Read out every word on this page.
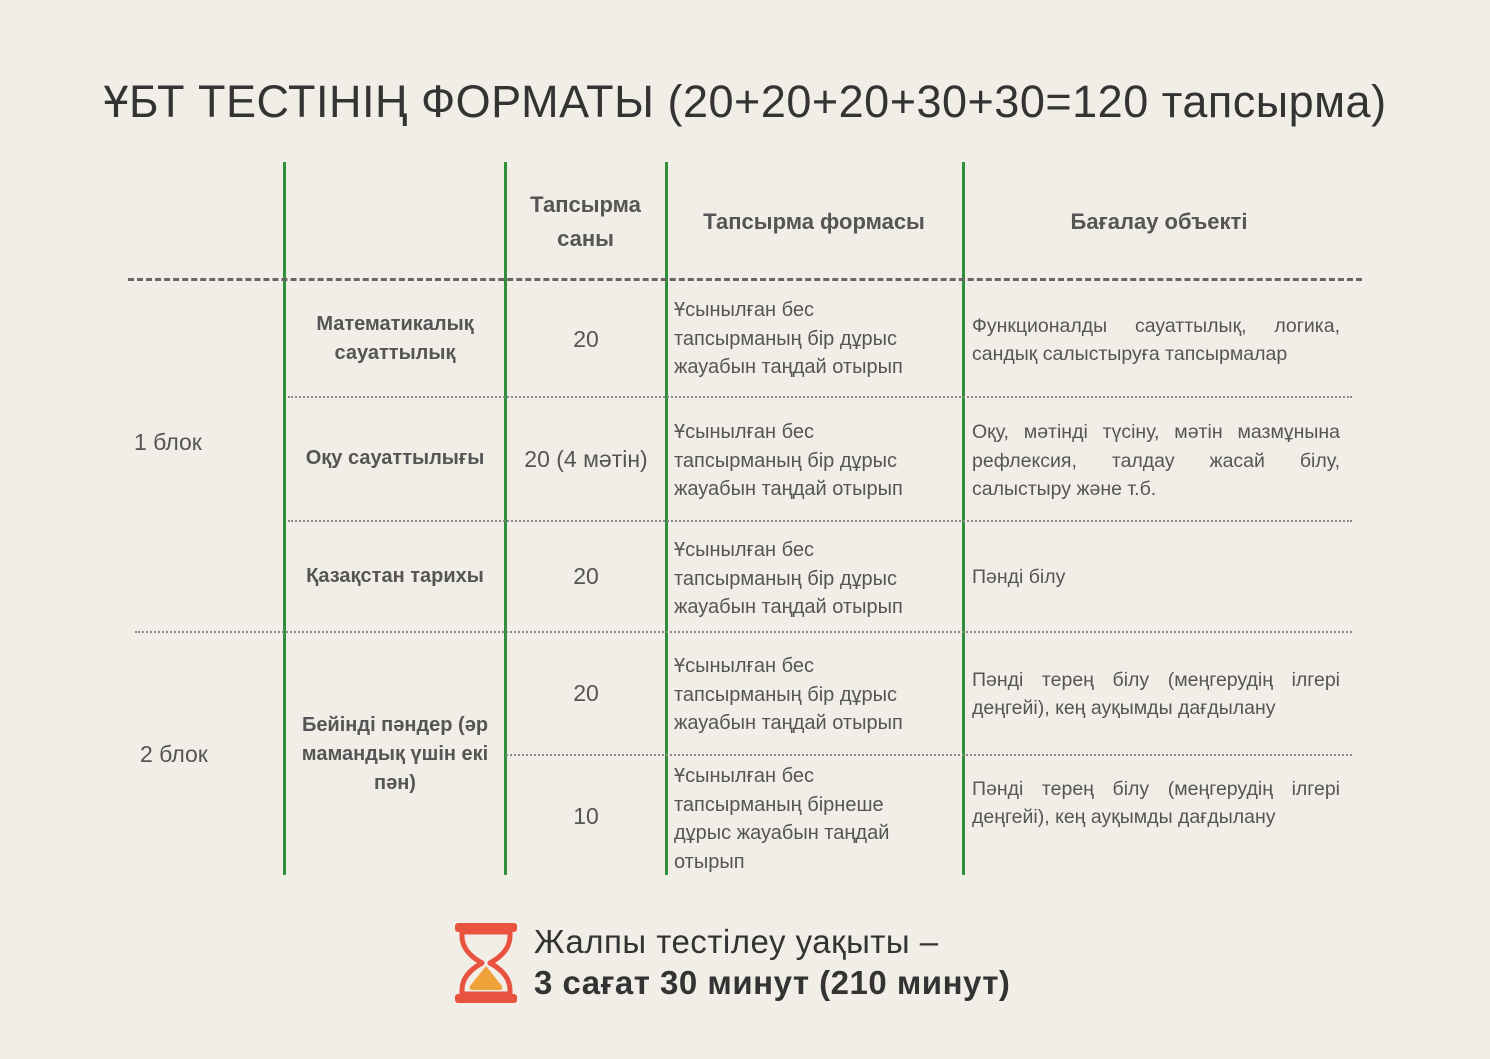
ҰБТ ТЕСТІНІҢ ФОРМАТЫ (20+20+20+30+30=120 тапсырма)
Тапсырма саны
Тапсырма формасы	Бағалау объекті
1 блок
2 блок
Математикалық сауаттылық
Оқу сауаттылығы
Қазақстан тарихы
Бейінді пәндер (әр мамандық үшін екі пән)
20
20 (4 мәтін)
20
20
10
Ұсынылған бес тапсырманың бір дұрыс жауабын таңдай отырып
Ұсынылған бес тапсырманың бір дұрыс жауабын таңдай отырып
Ұсынылған бес тапсырманың бір дұрыс жауабын таңдай отырып
Ұсынылған бес тапсырманың бір дұрыс жауабын таңдай отырып
Ұсынылған бес тапсырманың бірнеше дұрыс жауабын таңдай отырып
Функционалды сауаттылық, логика, сандық салыстыруға тапсырмалар
Оқу, мәтінді түсіну, мәтін мазмұнына рефлексия, талдау жасай білу, салыстыру және т.б.
Пәнді білу
Пәнді терең білу (меңгерудің ілгері деңгейі), кең ауқымды дағдылану
Пәнді терең білу (меңгерудің ілгері деңгейі), кең ауқымды дағдылану
Жалпы тестілеу уақыты –
3 сағат 30 минут (210 минут)
